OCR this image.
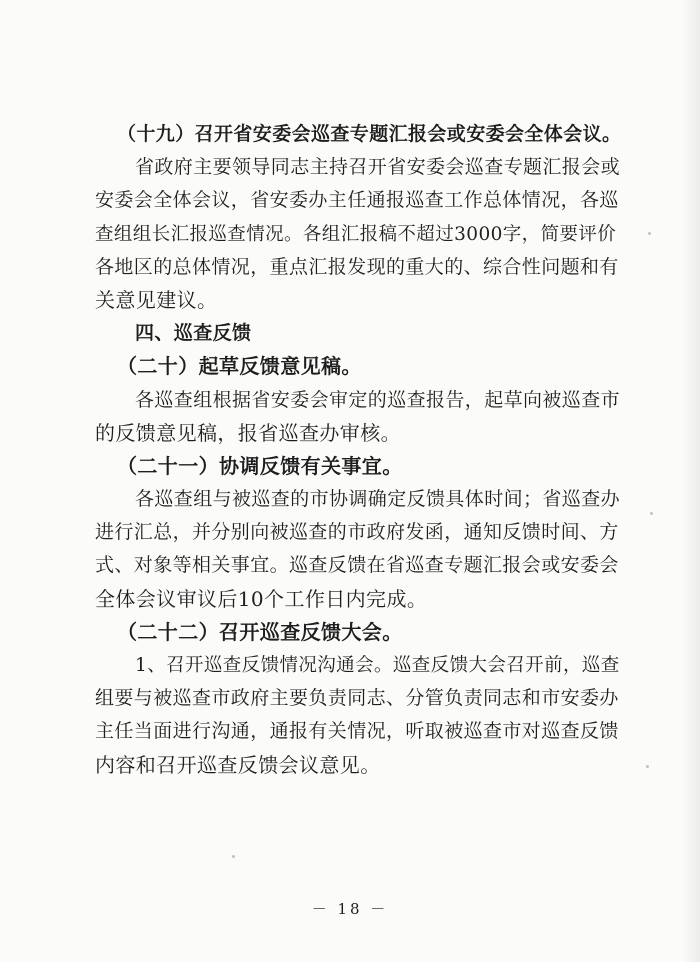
（十九）召开省安委会巡查专题汇报会或安委会全体会议。
省政府主要领导同志主持召开省安委会巡查专题汇报会或
安委会全体会议，省安委办主任通报巡查工作总体情况，各巡
查组组长汇报巡查情况。各组汇报稿不超过3000字，简要评价
各地区的总体情况，重点汇报发现的重大的、综合性问题和有
关意见建议。
四、巡查反馈
（二十）起草反馈意见稿。
各巡查组根据省安委会审定的巡查报告，起草向被巡查市
的反馈意见稿，报省巡查办审核。
（二十一）协调反馈有关事宜。
各巡查组与被巡查的市协调确定反馈具体时间；省巡查办
进行汇总，并分别向被巡查的市政府发函，通知反馈时间、方
式、对象等相关事宜。巡查反馈在省巡查专题汇报会或安委会
全体会议审议后10个工作日内完成。
（二十二）召开巡查反馈大会。
1、召开巡查反馈情况沟通会。巡查反馈大会召开前，巡查
组要与被巡查市政府主要负责同志、分管负责同志和市安委办
主任当面进行沟通，通报有关情况，听取被巡查市对巡查反馈
内容和召开巡查反馈会议意见。
－ 18 －
